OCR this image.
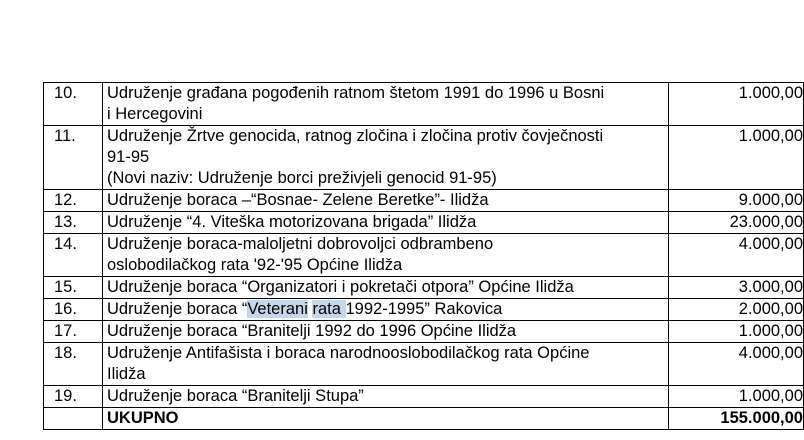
10.	Udruženje građana pogođenih ratnom štetom 1991 do 1996 u Bosni
i Hercegovini	1.000,00
11.	Udruženje Žrtve genocida, ratnog zločina i zločina protiv čovječnosti
91-95
(Novi naziv: Udruženje borci preživjeli genocid 91-95)	1.000,00
12.	Udruženje boraca –“Bosnae- Zelene Beretke”- Ilidža	9.000,00
13.	Udruženje “4. Viteška motorizovana brigada” Ilidža	23.000,00
14.	Udruženje boraca-maloljetni dobrovoljci odbrambeno
oslobodilačkog rata '92-'95 Općine Ilidža	4.000,00
15.	Udruženje boraca “Organizatori i pokretači otpora” Općine Ilidža	3.000,00
16.	Udruženje boraca “Veterani rata 1992-1995” Rakovica	2.000,00
17.	Udruženje boraca “Branitelji 1992 do 1996 Općine Ilidža	1.000,00
18.	Udruženje Antifašista i boraca narodnooslobodilačkog rata Općine
Ilidža	4.000,00
19.	Udruženje boraca “Branitelji Stupa”	1.000,00
	UKUPNO	155.000,00
